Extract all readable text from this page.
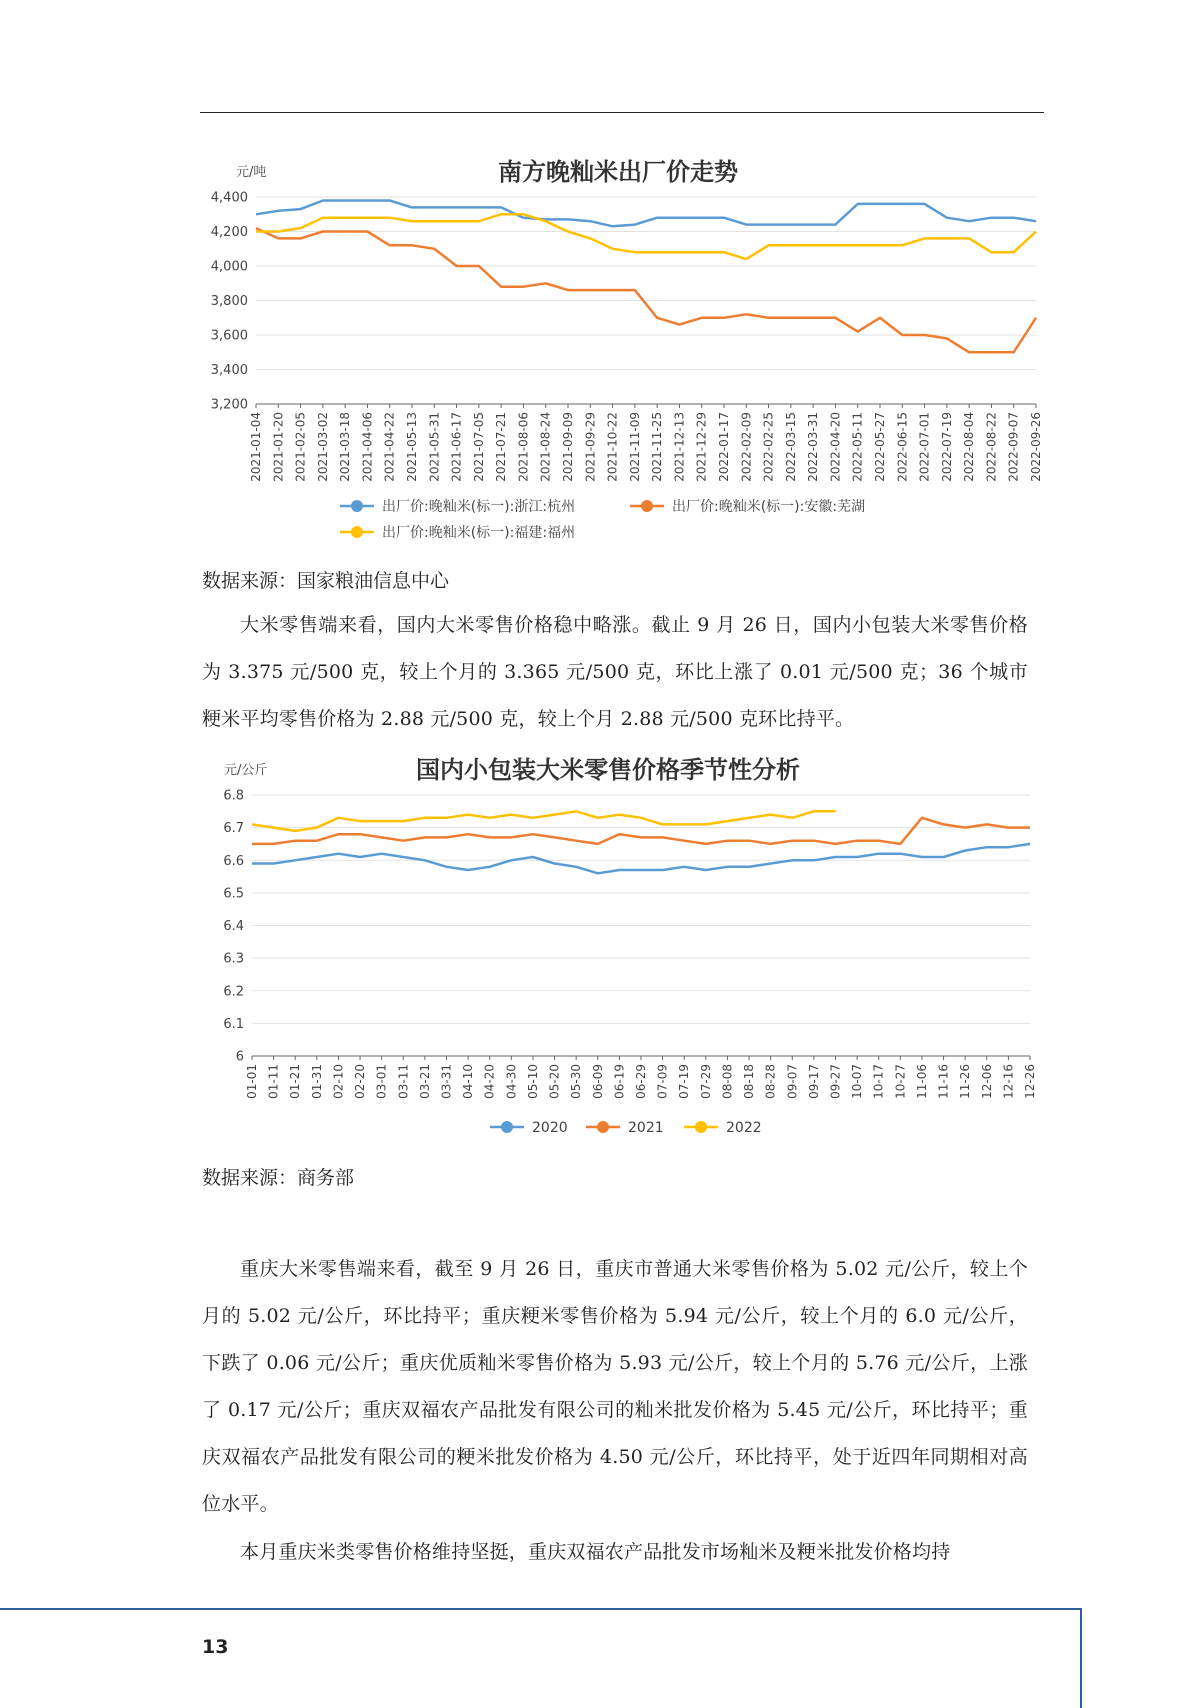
南方晚籼米出厂价走势
元/吨
4,400
4,200
4,000
3,800
3,600
3,400
3,200
2021-01-04 2021-01-20 2021-02-05 2021-03-02 2021-03-18 2021-04-06 2021-04-22 2021-05-13 2021-05-31 2021-06-17 2021-07-05 2021-07-21 2021-08-06 2021-08-24 2021-09-09 2021-09-29 2021-10-22 2021-11-09 2021-11-25 2021-12-13 2021-12-29 2022-01-17 2022-02-09 2022-02-25 2022-03-15 2022-03-31 2022-04-20 2022-05-11 2022-05-27 2022-06-15 2022-07-01 2022-07-19 2022-08-04 2022-08-22 2022-09-07 2022-09-26
出厂价:晚籼米(标一):浙江:杭州	出厂价:晚籼米(标一):安徽:芜湖
出厂价:晚籼米(标一):福建:福州

数据来源：国家粮油信息中心

大米零售端来看，国内大米零售价格稳中略涨。截止 9 月 26 日，国内小包装大米零售价格为 3.375 元/500 克，较上个月的 3.365 元/500 克，环比上涨了 0.01 元/500 克；36 个城市粳米平均零售价格为 2.88 元/500 克，较上个月 2.88 元/500 克环比持平。

国内小包装大米零售价格季节性分析
元/公斤
6.8
6.7
6.6
6.5
6.4
6.3
6.2
6.1
6
01-01 01-11 01-21 01-31 02-10 02-20 03-01 03-11 03-21 03-31 04-10 04-20 04-30 05-10 05-20 05-30 06-09 06-19 06-29 07-09 07-19 07-29 08-08 08-18 08-28 09-07 09-17 09-27 10-07 10-17 10-27 11-06 11-16 11-26 12-06 12-16 12-26
2020	2021	2022

数据来源：商务部

重庆大米零售端来看，截至 9 月 26 日，重庆市普通大米零售价格为 5.02 元/公斤，较上个月的 5.02 元/公斤，环比持平；重庆粳米零售价格为 5.94 元/公斤，较上个月的 6.0 元/公斤，下跌了 0.06 元/公斤；重庆优质籼米零售价格为 5.93 元/公斤，较上个月的 5.76 元/公斤，上涨了 0.17 元/公斤；重庆双福农产品批发有限公司的籼米批发价格为 5.45 元/公斤，环比持平；重庆双福农产品批发有限公司的粳米批发价格为 4.50 元/公斤，环比持平，处于近四年同期相对高位水平。

本月重庆米类零售价格维持坚挺，重庆双福农产品批发市场籼米及粳米批发价格均持

13
